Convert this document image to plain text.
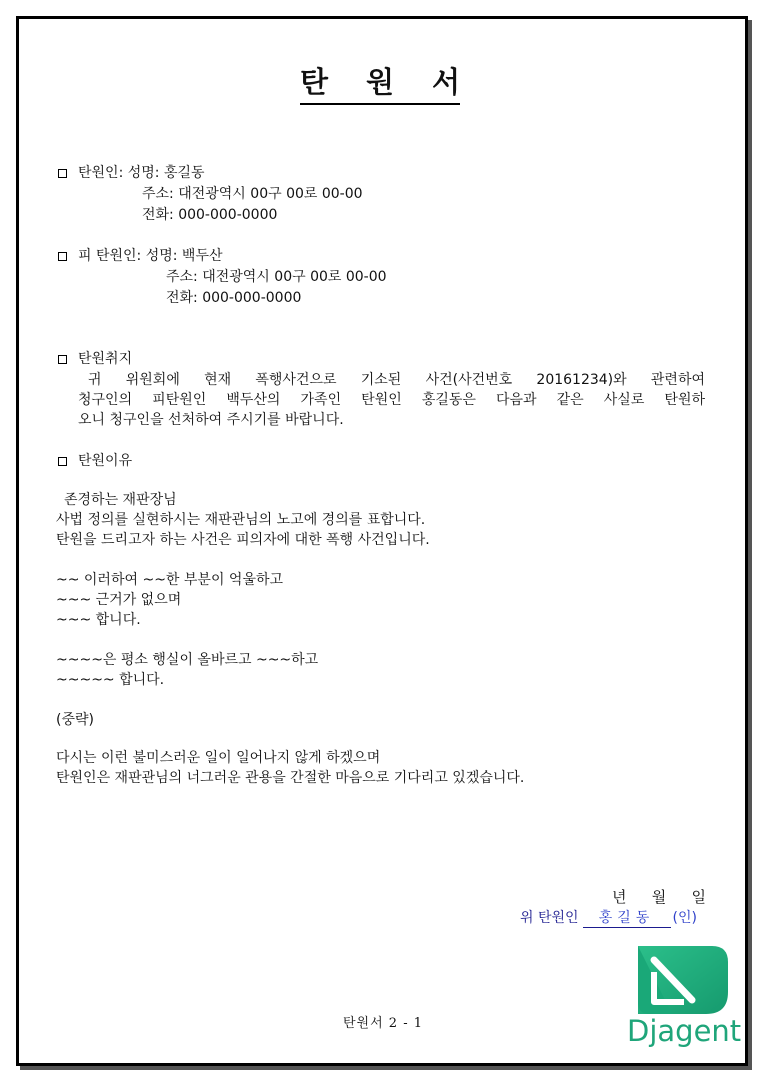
탄 원 서
탄원인: 성명: 홍길동
주소: 대전광역시 00구 00로 00-00
전화: 000-000-0000
피 탄원인: 성명: 백두산
주소: 대전광역시 00구 00로 00-00
전화: 000-000-0000
탄원취지
귀 위원회에 현재 폭행사건으로 기소된 사건(사건번호 20161234)와 관련하여
청구인의 피탄원인 백두산의 가족인 탄원인 홍길동은 다음과 같은 사실로 탄원하
오니 청구인을 선처하여 주시기를 바랍니다.
탄원이유
존경하는 재판장님
사법 정의를 실현하시는 재판관님의 노고에 경의를 표합니다.
탄원을 드리고자 하는 사건은 피의자에 대한 폭행 사건입니다.
~~ 이러하여 ~~한 부분이 억울하고
~~~ 근거가 없으며
~~~ 합니다.
~~~~은 평소 행실이 올바르고 ~~~하고
~~~~~ 합니다.
(중략)
다시는 이런 불미스러운 일이 일어나지 않게 하겠으며
탄원인은 재판관님의 너그러운 관용을 간절한 마음으로 기다리고 있겠습니다.
년 월 일
위 탄원인	홍길동	(인)
탄원서 2 - 1	Djagent
